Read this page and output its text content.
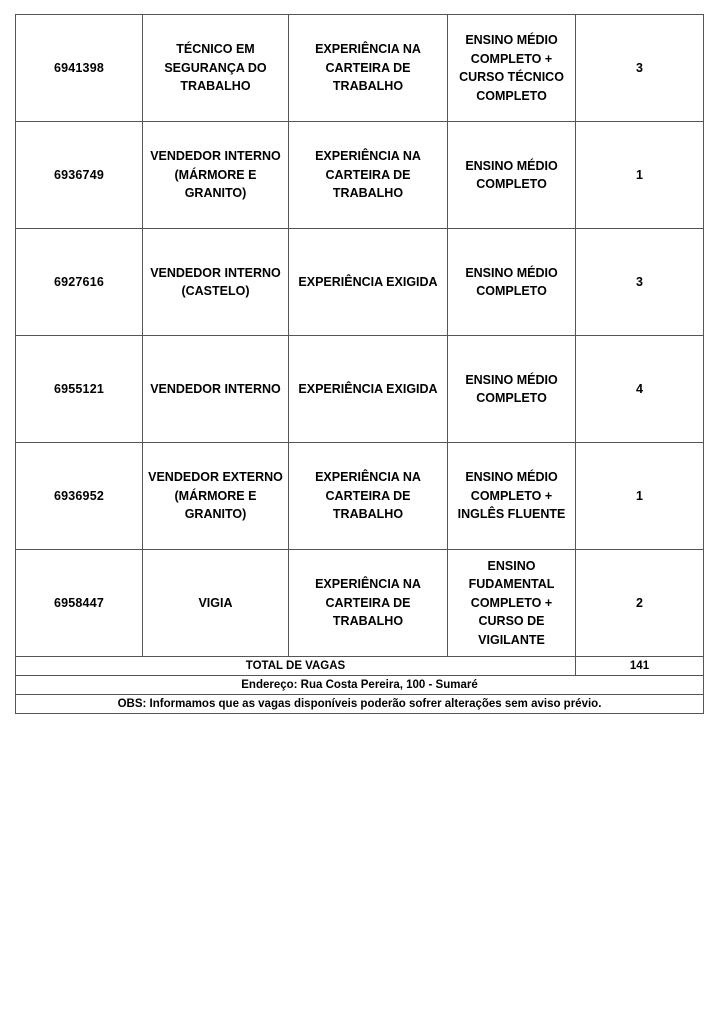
6941398	TÉCNICO EM SEGURANÇA DO TRABALHO	EXPERIÊNCIA NA CARTEIRA DE TRABALHO	ENSINO MÉDIO COMPLETO + CURSO TÉCNICO COMPLETO	3
6936749	VENDEDOR INTERNO (MÁRMORE E GRANITO)	EXPERIÊNCIA NA CARTEIRA DE TRABALHO	ENSINO MÉDIO COMPLETO	1
6927616	VENDEDOR INTERNO (CASTELO)	EXPERIÊNCIA EXIGIDA	ENSINO MÉDIO COMPLETO	3
6955121	VENDEDOR INTERNO	EXPERIÊNCIA EXIGIDA	ENSINO MÉDIO COMPLETO	4
6936952	VENDEDOR EXTERNO (MÁRMORE E GRANITO)	EXPERIÊNCIA NA CARTEIRA DE TRABALHO	ENSINO MÉDIO COMPLETO + INGLÊS FLUENTE	1
6958447	VIGIA	EXPERIÊNCIA NA CARTEIRA DE TRABALHO	ENSINO FUDAMENTAL COMPLETO + CURSO DE VIGILANTE	2
TOTAL DE VAGAS				141
Endereço: Rua Costa Pereira, 100 - Sumaré				
OBS: Informamos que as vagas disponíveis poderão sofrer alterações sem aviso prévio.				
